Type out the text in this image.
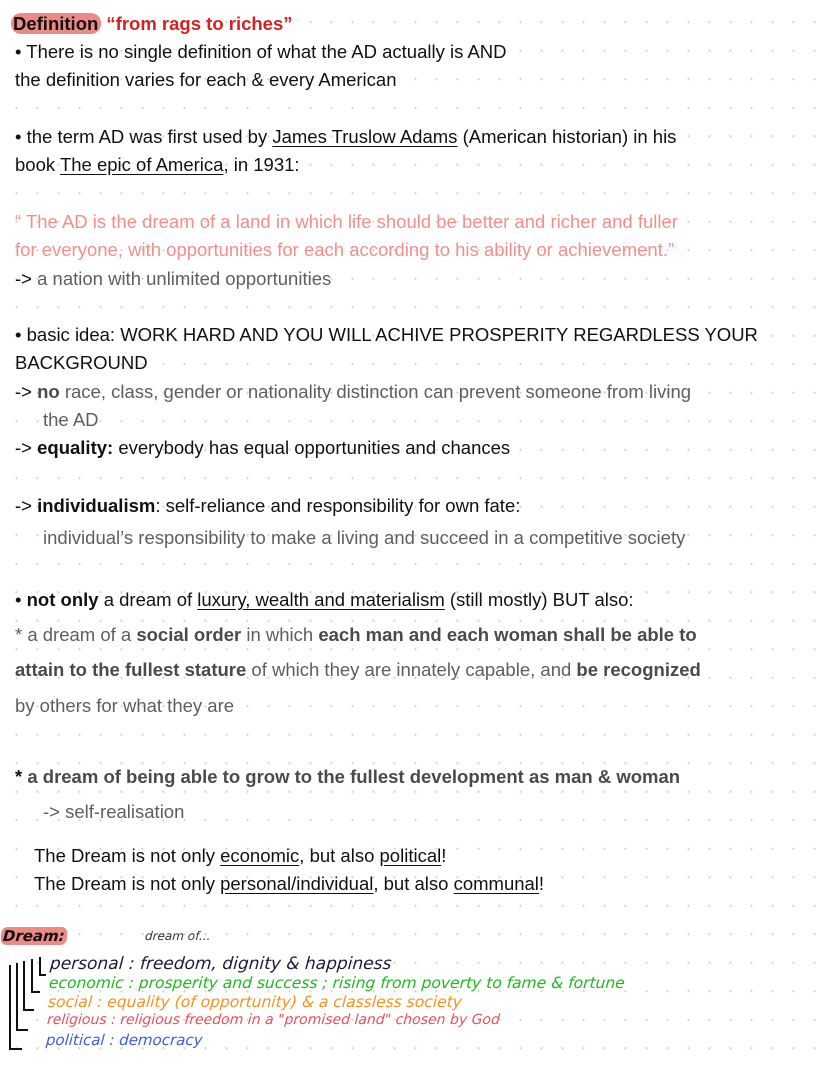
Definition “from rags to riches”
• There is no single definition of what the AD actually is AND
the definition varies for each & every American
• the term AD was first used by James Truslow Adams (American historian) in his
book The epic of America, in 1931:
“ The AD is the dream of a land in which life should be better and richer and fuller
for everyone, with opportunities for each according to his ability or achievement.”
-> a nation with unlimited opportunities
• basic idea: WORK HARD AND YOU WILL ACHIVE PROSPERITY REGARDLESS YOUR
BACKGROUND
-> no race, class, gender or nationality distinction can prevent someone from living
the AD
-> equality: everybody has equal opportunities and chances
-> individualism: self-reliance and responsibility for own fate:
individual’s responsibility to make a living and succeed in a competitive society
• not only a dream of luxury, wealth and materialism (still mostly) BUT also:
* a dream of a social order in which each man and each woman shall be able to
attain to the fullest stature of which they are innately capable, and be recognized
by others for what they are
* a dream of being able to grow to the fullest development as man & woman
-> self-realisation
The Dream is not only economic, but also political!
The Dream is not only personal/individual, but also communal!
Dream:	dream of...
personal : freedom, dignity & happiness
economic : prosperity and success ; rising from poverty to fame & fortune
social : equality (of opportunity) & a classless society
religious : religious freedom in a "promised land" chosen by God
political : democracy
